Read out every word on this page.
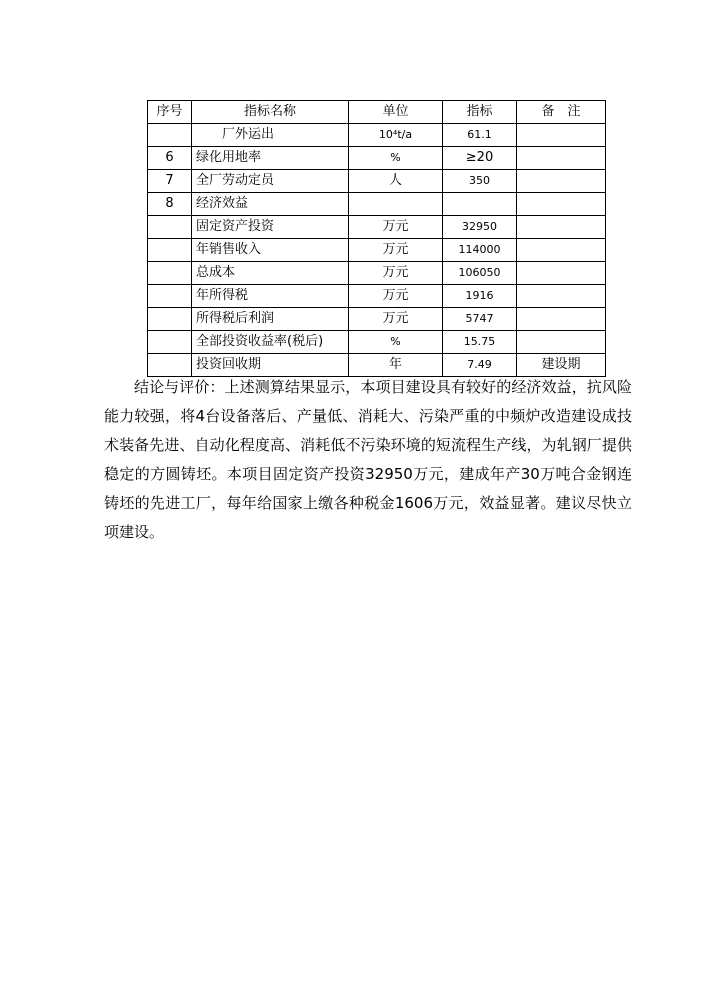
序号	指标名称	单位	指标	备　注
	厂外运出	10⁴t/a	61.1	
6	绿化用地率	%	≥20	
7	全厂劳动定员	人	350	
8	经济效益			
	固定资产投资	万元	32950	
	年销售收入	万元	114000	
	总成本	万元	106050	
	年所得税	万元	1916	
	所得税后利润	万元	5747	
	全部投资收益率(税后)	%	15.75	
	投资回收期	年	7.49	建设期

结论与评价：上述测算结果显示，本项目建设具有较好的经济效益，抗风险能力较强，将4台设备落后、产量低、消耗大、污染严重的中频炉改造建设成技术装备先进、自动化程度高、消耗低不污染环境的短流程生产线，为轧钢厂提供稳定的方圆铸坯。本项目固定资产投资32950万元，建成年产30万吨合金钢连铸坯的先进工厂，每年给国家上缴各种税金1606万元，效益显著。建议尽快立项建设。
